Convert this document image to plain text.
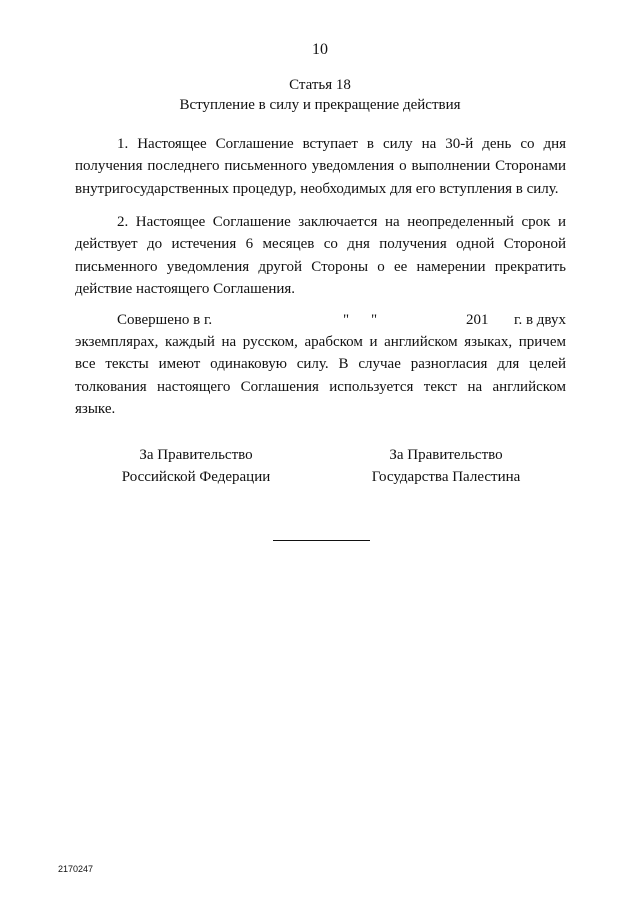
10
Статья 18
Вступление в силу и прекращение действия

1. Настоящее Соглашение вступает в силу на 30-й день со дня получения последнего письменного уведомления о выполнении Сторонами внутригосударственных процедур, необходимых для его вступления в силу.

2. Настоящее Соглашение заключается на неопределенный срок и действует до истечения 6 месяцев со дня получения одной Стороной письменного уведомления другой Стороны о ее намерении прекратить действие настоящего Соглашения.

Совершено в г.	" "	201 г. в двух

экземплярах, каждый на русском, арабском и английском языках, причем все тексты имеют одинаковую силу. В случае разногласия для целей толкования настоящего Соглашения используется текст на английском языке.

За Правительство
Российской Федерации
За Правительство
Государства Палестина
2170247
